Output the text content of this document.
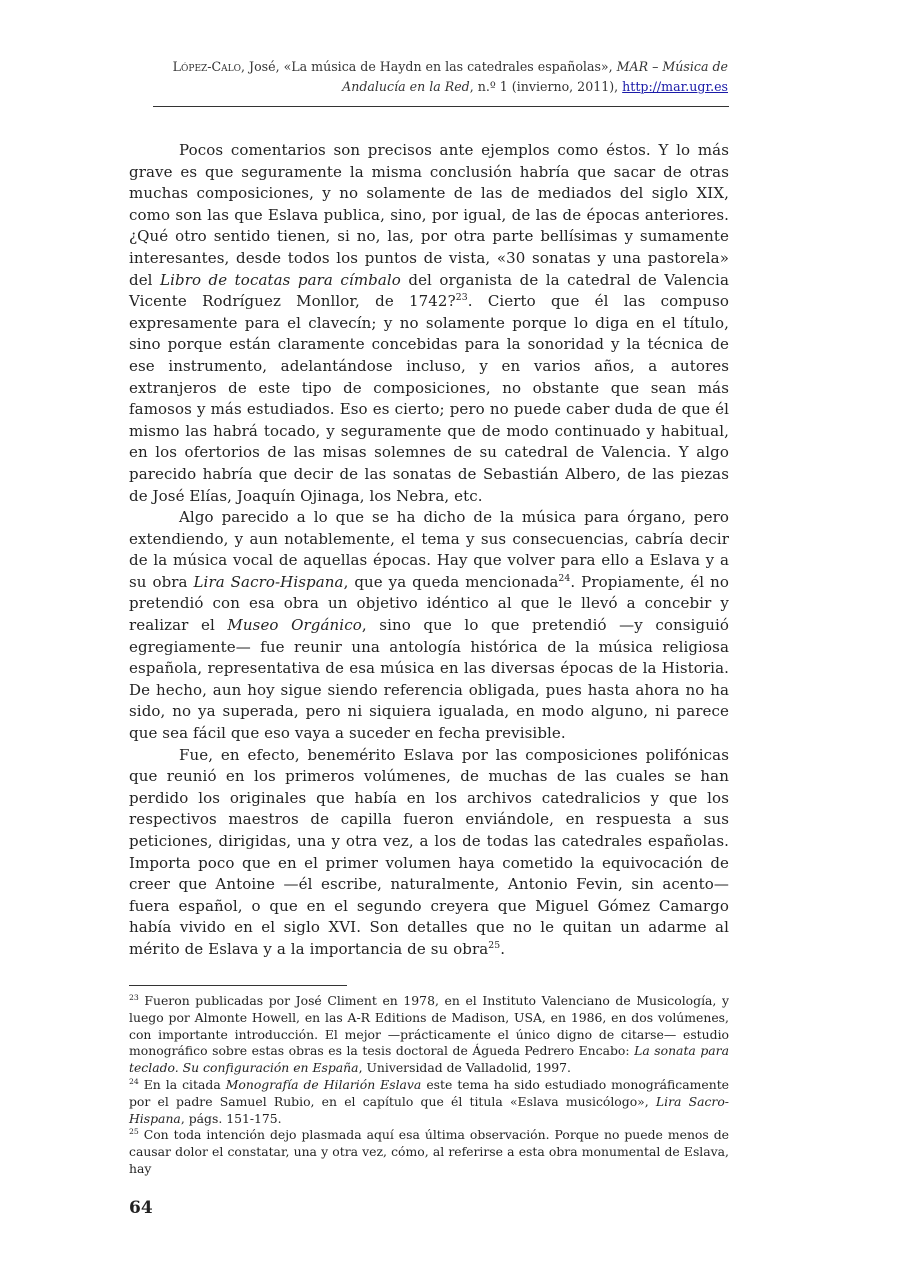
López-Calo, José, «La música de Haydn en las catedrales españolas», MAR – Música de Andalucía en la Red, n.º 1 (invierno, 2011), http://mar.ugr.es

Pocos comentarios son precisos ante ejemplos como éstos. Y lo más grave es que seguramente la misma conclusión habría que sacar de otras muchas composiciones, y no solamente de las de mediados del siglo XIX, como son las que Eslava publica, sino, por igual, de las de épocas anteriores. ¿Qué otro sentido tienen, si no, las, por otra parte bellísimas y sumamente interesantes, desde todos los puntos de vista, «30 sonatas y una pastorela» del Libro de tocatas para címbalo del organista de la catedral de Valencia Vicente Rodríguez Monllor, de 1742?$^{23}$. Cierto que él las compuso expresamente para el clavecín; y no solamente porque lo diga en el título, sino porque están claramente concebidas para la sonoridad y la técnica de ese instrumento, adelantándose incluso, y en varios años, a autores extranjeros de este tipo de composiciones, no obstante que sean más famosos y más estudiados. Eso es cierto; pero no puede caber duda de que él mismo las habrá tocado, y seguramente que de modo continuado y habitual, en los ofertorios de las misas solemnes de su catedral de Valencia. Y algo parecido habría que decir de las sonatas de Sebastián Albero, de las piezas de José Elías, Joaquín Ojinaga, los Nebra, etc.

Algo parecido a lo que se ha dicho de la música para órgano, pero extendiendo, y aun notablemente, el tema y sus consecuencias, cabría decir de la música vocal de aquellas épocas. Hay que volver para ello a Eslava y a su obra Lira Sacro-Hispana, que ya queda mencionada$^{24}$. Propiamente, él no pretendió con esa obra un objetivo idéntico al que le llevó a concebir y realizar el Museo Orgánico, sino que lo que pretendió —y consiguió egregiamente— fue reunir una antología histórica de la música religiosa española, representativa de esa música en las diversas épocas de la Historia. De hecho, aun hoy sigue siendo referencia obligada, pues hasta ahora no ha sido, no ya superada, pero ni siquiera igualada, en modo alguno, ni parece que sea fácil que eso vaya a suceder en fecha previsible.

Fue, en efecto, benemérito Eslava por las composiciones polifónicas que reunió en los primeros volúmenes, de muchas de las cuales se han perdido los originales que había en los archivos catedralicios y que los respectivos maestros de capilla fueron enviándole, en respuesta a sus peticiones, dirigidas, una y otra vez, a los de todas las catedrales españolas. Importa poco que en el primer volumen haya cometido la equivocación de creer que Antoine —él escribe, naturalmente, Antonio Fevin, sin acento— fuera español, o que en el segundo creyera que Miguel Gómez Camargo había vivido en el siglo XVI. Son detalles que no le quitan un adarme al mérito de Eslava y a la importancia de su obra$^{25}$.

$^{23}$ Fueron publicadas por José Climent en 1978, en el Instituto Valenciano de Musicología, y luego por Almonte Howell, en las A-R Editions de Madison, USA, en 1986, en dos volúmenes, con importante introducción. El mejor —prácticamente el único digno de citarse— estudio monográfico sobre estas obras es la tesis doctoral de Águeda Pedrero Encabo: La sonata para teclado. Su configuración en España, Universidad de Valladolid, 1997.

$^{24}$ En la citada Monografía de Hilarión Eslava este tema ha sido estudiado monográficamente por el padre Samuel Rubio, en el capítulo que él titula «Eslava musicólogo», Lira Sacro-Hispana, págs. 151-175.

$^{25}$ Con toda intención dejo plasmada aquí esa última observación. Porque no puede menos de causar dolor el constatar, una y otra vez, cómo, al referirse a esta obra monumental de Eslava, hay

64
